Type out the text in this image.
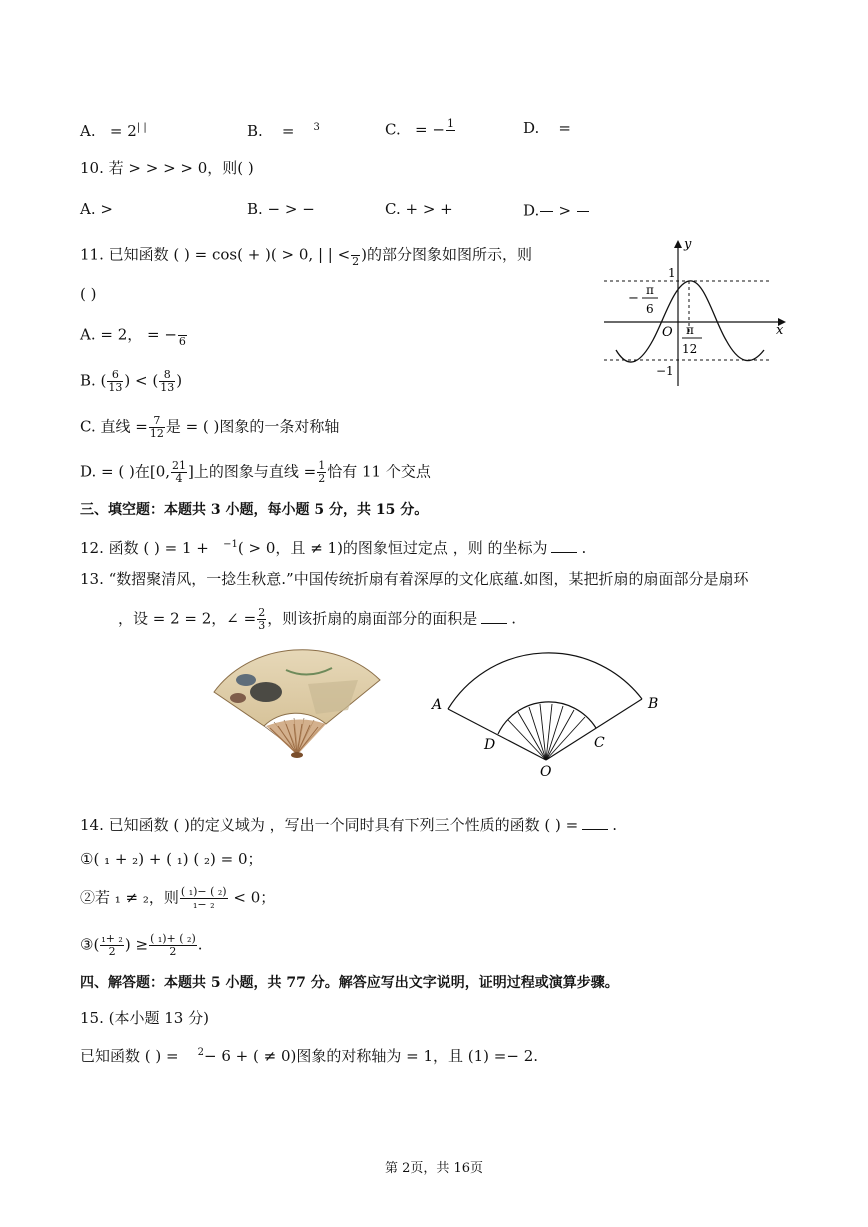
A. = 2| |	B. = $^3$	C. = − 1
	D. =
10. 若 > > > > 0，则( )
A. >	B. − > −	C. + > +	D.

>

11. 已知函数 ( ) = cos( + )( > 0, | | <
2 )的部分图象如图所示，则
( )
A. = 2， = −
6
B. ( $\frac{6}{13}$ ) < ( $\frac{8}{13}$ )
C. 直线 = $\frac{7}{12}$ 是 = ( )图象的一条对称轴
D. = ( )在[0, $\frac{21}{4}$ ]上的图象与直线 = $\frac{1}{2}$ 恰有 11 个交点
y
x
O
1
−1
−
π
6
π
12
三、填空题：本题共 3 小题，每小题 5 分，共 15 分。
12. 函数 ( ) = 1 + $^{-1}$( > 0，且 ≠ 1)的图象恒过定点 ，则 的坐标为 .
13. “数摺聚清风，一捻生秋意.”中国传统折扇有着深厚的文化底蕴.如图，某把折扇的扇面部分是扇环
，设 = 2 = 2，∠ = $\frac{2}{3}$ ，则该折扇的扇面部分的面积是 .
A	B
C
D
O
14. 已知函数 ( )的定义域为 ，写出一个同时具有下列三个性质的函数 ( ) = .
①( ₁ + ₂) + ( ₁) ( ₂) = 0；
②若 ₁ ≠ ₂，则 ( ₁)− ( ₂)
₁− ₂	< 0；
③( ₁+ ₂
2 ) ≥ ( ₁)+ ( ₂)
2	.
四、解答题：本题共 5 小题，共 77 分。解答应写出文字说明，证明过程或演算步骤。
15. (本小题 13 分)
已知函数 ( ) = $^2$− 6 + ( ≠ 0)图象的对称轴为 = 1，且 (1) =− 2.
第 2页，共 16页
